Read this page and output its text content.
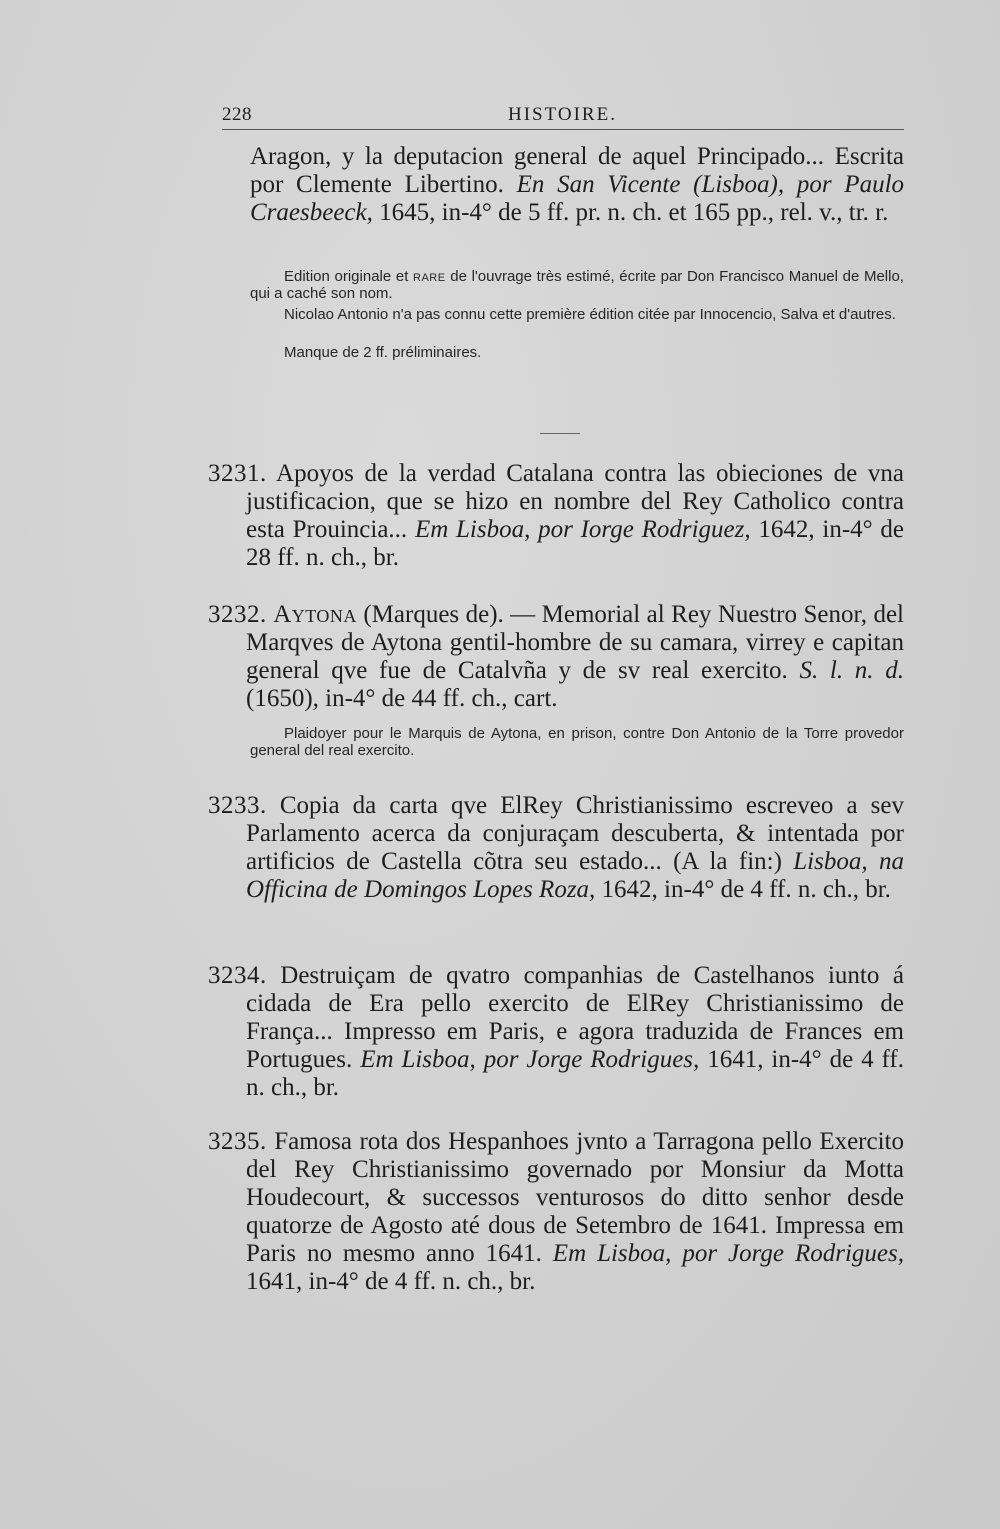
228	HISTOIRE.
Aragon, y la deputacion general de aquel Principado... Escrita por Clemente Libertino. En San Vicente (Lisboa), por Paulo Craesbeeck, 1645, in-4° de 5 ff. pr. n. ch. et 165 pp., rel. v., tr. r.
Edition originale et rare de l'ouvrage très estimé, écrite par Don Francisco Manuel de Mello, qui a caché son nom.
Nicolao Antonio n'a pas connu cette première édition citée par Innocencio, Salva et d'autres.
Manque de 2 ff. préliminaires.
3231. Apoyos de la verdad Catalana contra las obieciones de vna justificacion, que se hizo en nombre del Rey Catholico contra esta Prouincia... Em Lisboa, por Iorge Rodriguez, 1642, in-4° de 28 ff. n. ch., br.
3232. Aytona (Marques de). — Memorial al Rey Nuestro Senor, del Marqves de Aytona gentil-hombre de su camara, virrey e capitan general qve fue de Catalvña y de sv real exercito. S. l. n. d. (1650), in-4° de 44 ff. ch., cart.
Plaidoyer pour le Marquis de Aytona, en prison, contre Don Antonio de la Torre provedor general del real exercito.
3233. Copia da carta qve ElRey Christianissimo escreveo a sev Parlamento acerca da conjuraçam descuberta, & intentada por artificios de Castella cõtra seu estado... (A la fin:) Lisboa, na Officina de Domingos Lopes Roza, 1642, in-4° de 4 ff. n. ch., br.
3234. Destruiçam de qvatro companhias de Castelhanos iunto á cidada de Era pello exercito de ElRey Christianissimo de França... Impresso em Paris, e agora traduzida de Frances em Portugues. Em Lisboa, por Jorge Rodrigues, 1641, in-4° de 4 ff. n. ch., br.
3235. Famosa rota dos Hespanhoes jvnto a Tarragona pello Exercito del Rey Christianissimo governado por Monsiur da Motta Houdecourt, & successos venturosos do ditto senhor desde quatorze de Agosto até dous de Setembro de 1641. Impressa em Paris no mesmo anno 1641. Em Lisboa, por Jorge Rodrigues, 1641, in-4° de 4 ff. n. ch., br.
